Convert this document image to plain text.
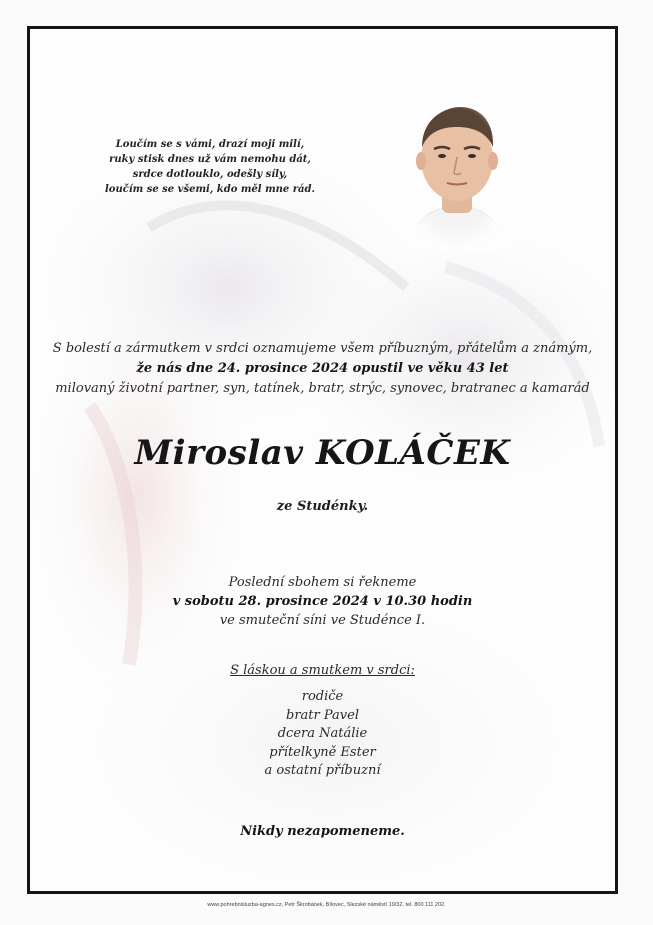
Loučím se s vámi, drazí moji milí,
ruky stisk dnes už vám nemohu dát,
srdce dotlouklo, odešly síly,
loučím se se všemi, kdo měl mne rád.
S bolestí a zármutkem v srdci oznamujeme všem příbuzným, přátelům a známým,
že nás dne 24. prosince 2024 opustil ve věku 43 let
milovaný životní partner, syn, tatínek, bratr, strýc, synovec, bratranec a kamarád
Miroslav KOLÁČEK
ze Studénky.
Poslední sbohem si řekneme
v sobotu 28. prosince 2024 v 10.30 hodin
ve smuteční síni ve Studénce I.
S láskou a smutkem v srdci:
rodiče
bratr Pavel
dcera Natálie
přítelkyně Ester
a ostatní příbuzní
Nikdy nezapomeneme.
www.pohrebnisluzba-agnes.cz, Petr Škrobánek, Bílovec, Slezské náměstí 19/32, tel. 800 111 202.
